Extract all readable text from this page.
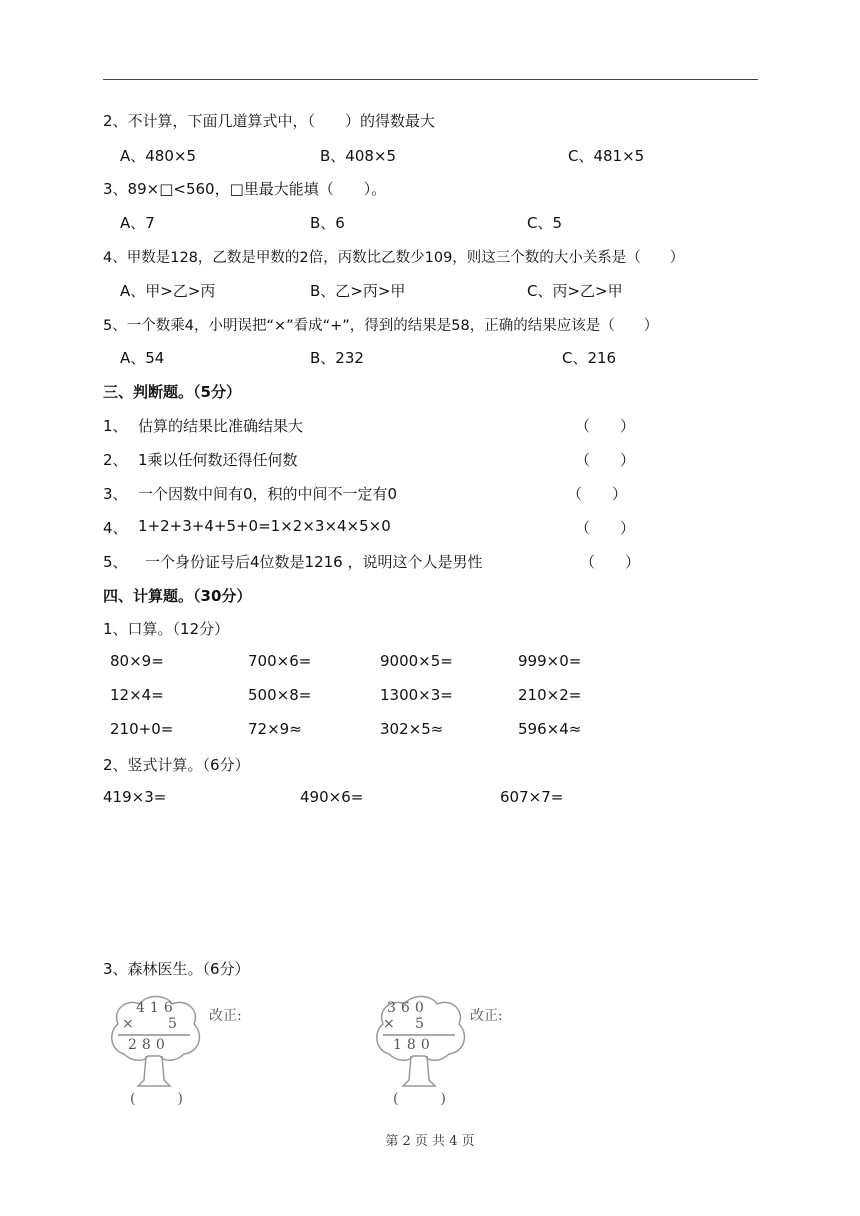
2、不计算，下面几道算式中，（　　）的得数最大
A、480×5	B、408×5	C、481×5
3、89×□<560，□里最大能填（　　）。
A、7	B、6	C、5
4、甲数是128，乙数是甲数的2倍，丙数比乙数少109，则这三个数的大小关系是（　　）
A、甲>乙>丙	B、乙>丙>甲	C、丙>乙>甲
5、一个数乘4，小明误把“×”看成“+”，得到的结果是58，正确的结果应该是（　　）
A、54	B、232	C、216
三、判断题。（5分）
1、 估算的结果比准确结果大	（　　）
2、 1乘以任何数还得任何数	（　　）
3、 一个因数中间有0，积的中间不一定有0	（　　）
4、 1+2+3+4+5+0=1×2×3×4×5×0	（　　）
5、 一个身份证号后4位数是1216 ，说明这个人是男性	（　　）
四、计算题。（30分）
1、口算。（12分）
80×9=	700×6=	9000×5=	999×0=
12×4=	500×8=	1300×3=	210×2=
210+0=	72×9≈	302×5≈	596×4≈
2、竖式计算。（6分）
419×3=	490×6=	607×7=
3、森林医生。（6分）
416
× 5
280
改正:
(　　　)
360
× 5
180
改正:
(　　　)
第 2 页 共 4 页
